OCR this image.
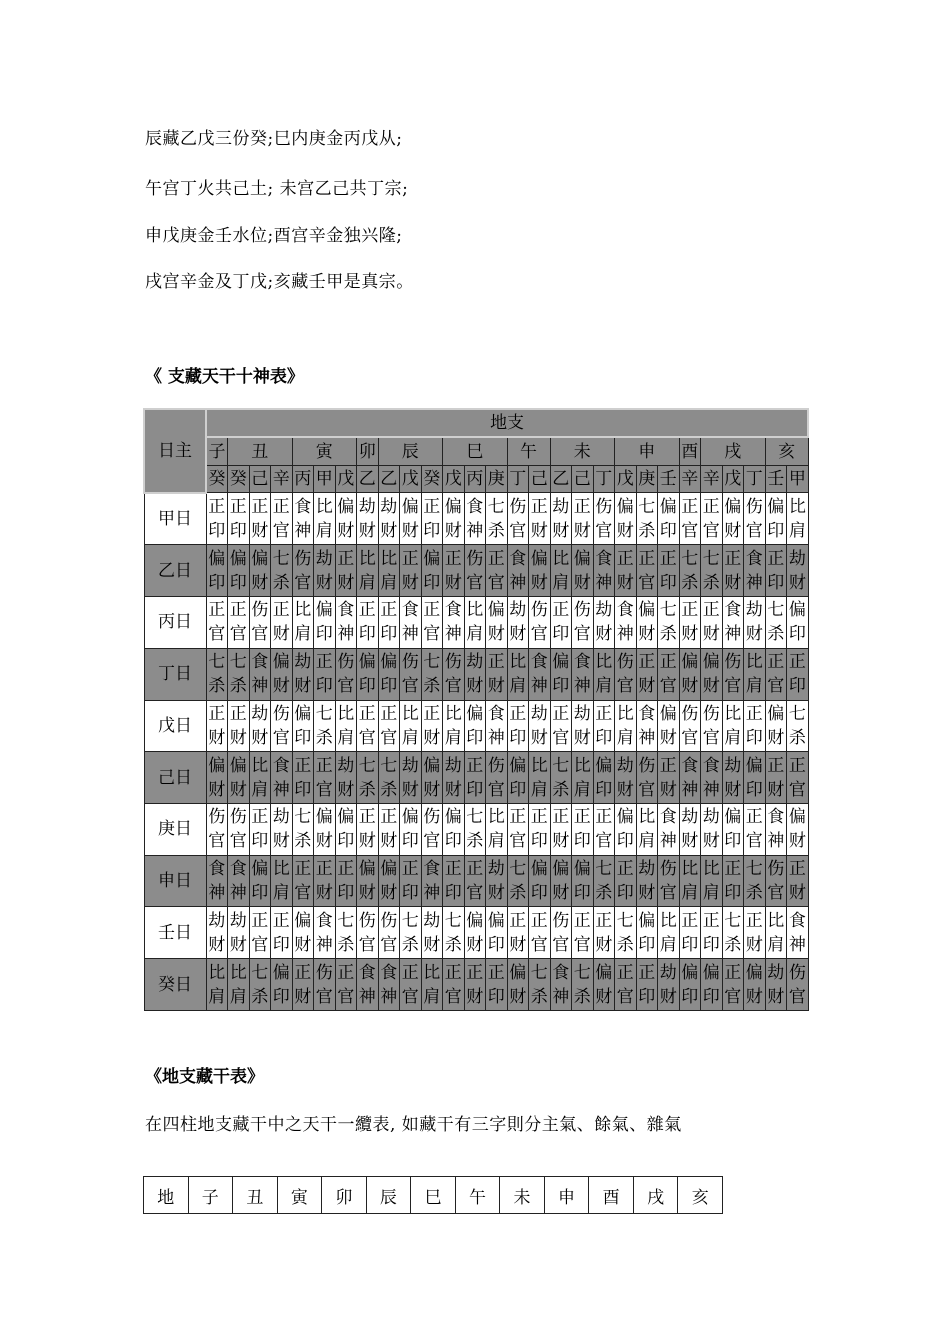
辰藏乙戊三份癸;巳内庚金丙戊从;
午宫丁火共己土; 未宫乙己共丁宗;
申戊庚金壬水位;酉宫辛金独兴隆;
戌宫辛金及丁戊;亥藏壬甲是真宗。
《 支藏天干十神表》
日主	地支																											
	子	丑			寅			卯	辰			巳			午		未			申			酉	戌			亥	
	癸	癸	己	辛	丙	甲	戊	乙	乙	戊	癸	戊	丙	庚	丁	己	乙	己	丁	戊	庚	壬	辛	辛	戊	丁	壬	甲
甲日	正印	正印	正财	正官	食神	比肩	偏财	劫财	劫财	偏财	正印	偏财	食神	七杀	伤官	正财	劫财	正财	伤官	偏财	七杀	偏印	正官	正官	偏财	伤官	偏印	比肩
乙日	偏印	偏印	偏财	七杀	伤官	劫财	正财	比肩	比肩	正财	偏印	正财	伤官	正官	食神	偏财	比肩	偏财	食神	正财	正官	正印	七杀	七杀	正财	食神	正印	劫财
丙日	正官	正官	伤官	正财	比肩	偏印	食神	正印	正印	食神	正官	食神	比肩	偏财	劫财	伤官	正印	伤官	劫财	食神	偏财	七杀	正财	正财	食神	劫财	七杀	偏印
丁日	七杀	七杀	食神	偏财	劫财	正印	伤官	偏印	偏印	伤官	七杀	伤官	劫财	正财	比肩	食神	偏印	食神	比肩	伤官	正财	正官	偏财	偏财	伤官	比肩	正官	正印
戊日	正财	正财	劫财	伤官	偏印	七杀	比肩	正官	正官	比肩	正财	比肩	偏印	食神	正印	劫财	正官	劫财	正印	比肩	食神	偏财	伤官	伤官	比肩	正印	偏财	七杀
己日	偏财	偏财	比肩	食神	正印	正官	劫财	七杀	七杀	劫财	偏财	劫财	正印	伤官	偏印	比肩	七杀	比肩	偏印	劫财	伤官	正财	食神	食神	劫财	偏印	正财	正官
庚日	伤官	伤官	正印	劫财	七杀	偏财	偏印	正财	正财	偏印	伤官	偏印	七杀	比肩	正官	正印	正财	正印	正官	偏印	比肩	食神	劫财	劫财	偏印	正官	食神	偏财
申日	食神	食神	偏印	比肩	正官	正财	正印	偏财	偏财	正印	食神	正印	正官	劫财	七杀	偏印	偏财	偏印	七杀	正印	劫财	伤官	比肩	比肩	正印	七杀	伤官	正财
壬日	劫财	劫财	正官	正印	偏财	食神	七杀	伤官	伤官	七杀	劫财	七杀	偏财	偏印	正财	正官	伤官	正官	正财	七杀	偏印	比肩	正印	正印	七杀	正财	比肩	食神
癸日	比肩	比肩	七杀	偏印	正财	伤官	正官	食神	食神	正官	比肩	正官	正财	正印	偏财	七杀	食神	七杀	偏财	正官	正印	劫财	偏印	偏印	正官	偏财	劫财	伤官
《地支藏干表》
在四柱地支藏干中之天干一纜表, 如藏干有三字則分主氣、餘氣、雜氣
地	子	丑	寅	卯	辰	巳	午	未	申	酉	戌	亥
